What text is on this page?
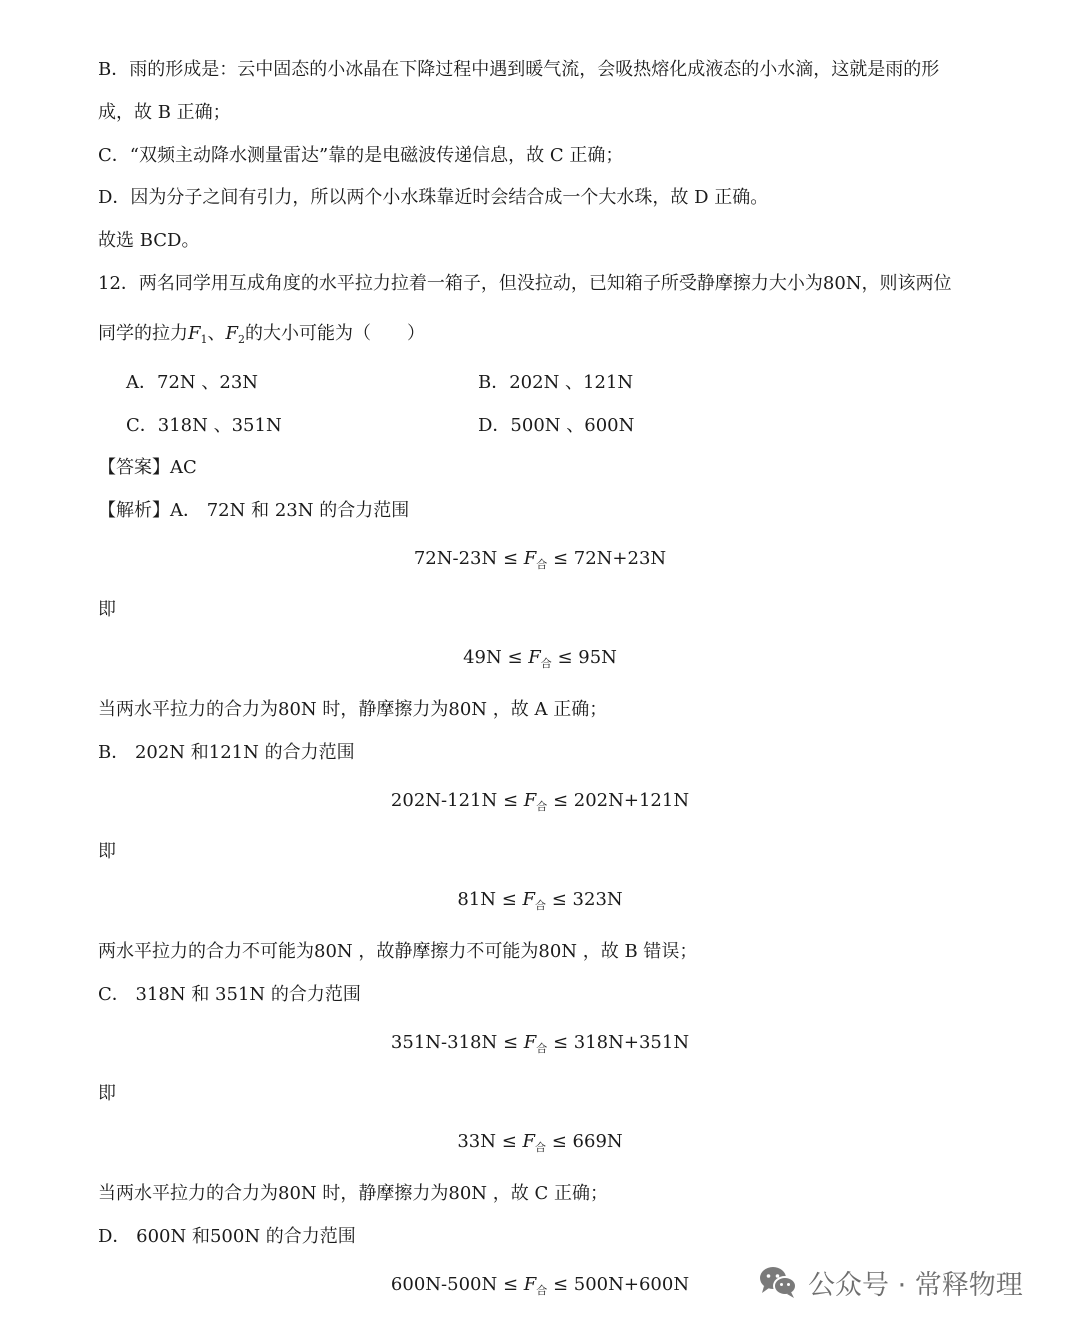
B．雨的形成是：云中固态的小冰晶在下降过程中遇到暖气流，会吸热熔化成液态的小水滴，这就是雨的形
成，故 B 正确；
C．“双频主动降水测量雷达”靠的是电磁波传递信息，故 C 正确；
D．因为分子之间有引力，所以两个小水珠靠近时会结合成一个大水珠，故 D 正确。
故选 BCD。
12．两名同学用互成角度的水平拉力拉着一箱子，但没拉动，已知箱子所受静摩擦力大小为80N，则该两位
同学的拉力$F_1$、$F_2$的大小可能为（　　）
A．72N 、23N	B．202N 、121N
C．318N 、351N	D．500N 、600N
【答案】AC
【解析】A． 72N 和 23N 的合力范围
$72N-23N \le F_合 \le 72N+23N$
即
$49N \le F_合 \le 95N$
当两水平拉力的合力为80N 时，静摩擦力为80N ，故 A 正确；
B． 202N 和121N 的合力范围
$202N-121N \le F_合 \le 202N+121N$
即
$81N \le F_合 \le 323N$
两水平拉力的合力不可能为80N ，故静摩擦力不可能为80N ，故 B 错误；
C． 318N 和 351N 的合力范围
$351N-318N \le F_合 \le 318N+351N$
即
$33N \le F_合 \le 669N$
当两水平拉力的合力为80N 时，静摩擦力为80N ，故 C 正确；
D． 600N 和500N 的合力范围
$600N-500N \le F_合 \le 500N+600N$	公众号 · 常释物理
